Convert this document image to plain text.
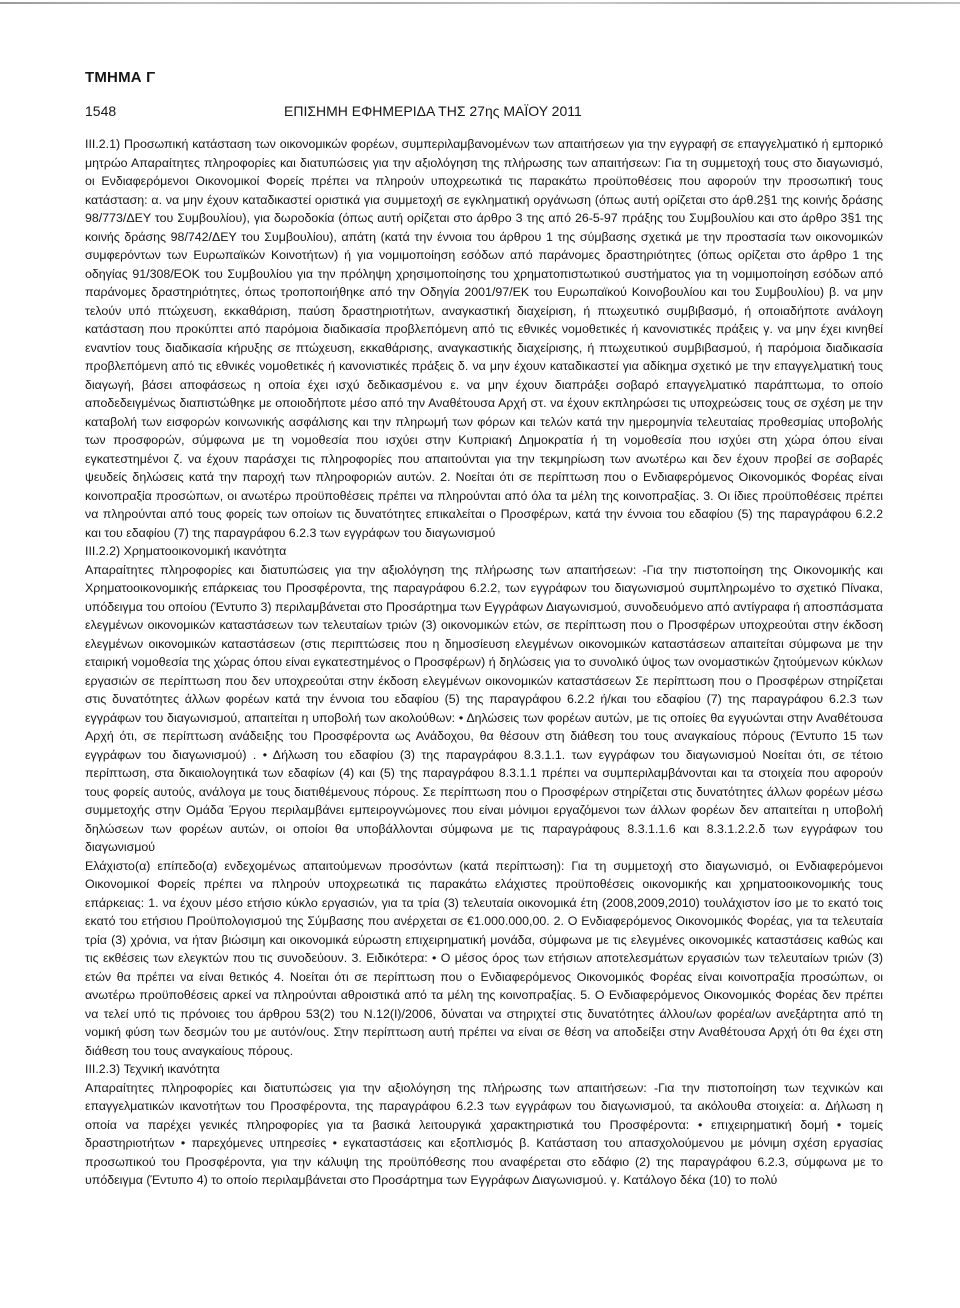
ΤΜΗΜΑ Γ
1548	ΕΠΙΣΗΜΗ ΕΦΗΜΕΡΙΔΑ ΤΗΣ 27ης ΜΑΪΟΥ 2011

III.2.1) Προσωπική κατάσταση των οικονομικών φορέων, συμπεριλαμβανομένων των απαιτήσεων για την εγγραφή σε επαγγελματικό ή εμπορικό μητρώο Απαραίτητες πληροφορίες και διατυπώσεις για την αξιολόγηση της πλήρωσης των απαιτήσεων: Για τη συμμετοχή τους στο διαγωνισμό, οι Ενδιαφερόμενοι Οικονομικοί Φορείς πρέπει να πληρούν υποχρεωτικά τις παρακάτω προϋποθέσεις που αφορούν την προσωπική τους κατάσταση: α. να μην έχουν καταδικαστεί οριστικά για συμμετοχή σε εγκληματική οργάνωση (όπως αυτή ορίζεται στο άρθ.2§1 της κοινής δράσης 98/773/ΔΕΥ του Συμβουλίου), για δωροδοκία (όπως αυτή ορίζεται στο άρθρο 3 της από 26-5-97 πράξης του Συμβουλίου και στο άρθρο 3§1 της κοινής δράσης 98/742/ΔΕΥ του Συμβουλίου), απάτη (κατά την έννοια του άρθρου 1 της σύμβασης σχετικά με την προστασία των οικονομικών συμφερόντων των Ευρωπαϊκών Κοινοτήτων) ή για νομιμοποίηση εσόδων από παράνομες δραστηριότητες (όπως ορίζεται στο άρθρο 1 της οδηγίας 91/308/ΕΟΚ του Συμβουλίου για την πρόληψη χρησιμοποίησης του χρηματοπιστωτικού συστήματος για τη νομιμοποίηση εσόδων από παράνομες δραστηριότητες, όπως τροποποιήθηκε από την Οδηγία 2001/97/ΕΚ του Ευρωπαϊκού Κοινοβουλίου και του Συμβουλίου) β. να μην τελούν υπό πτώχευση, εκκαθάριση, παύση δραστηριοτήτων, αναγκαστική διαχείριση, ή πτωχευτικό συμβιβασμό, ή οποιαδήποτε ανάλογη κατάσταση που προκύπτει από παρόμοια διαδικασία προβλεπόμενη από τις εθνικές νομοθετικές ή κανονιστικές πράξεις γ. να μην έχει κινηθεί εναντίον τους διαδικασία κήρυξης σε πτώχευση, εκκαθάρισης, αναγκαστικής διαχείρισης, ή πτωχευτικού συμβιβασμού, ή παρόμοια διαδικασία προβλεπόμενη από τις εθνικές νομοθετικές ή κανονιστικές πράξεις δ. να μην έχουν καταδικαστεί για αδίκημα σχετικό με την επαγγελματική τους διαγωγή, βάσει αποφάσεως η οποία έχει ισχύ δεδικασμένου ε. να μην έχουν διαπράξει σοβαρό επαγγελματικό παράπτωμα, το οποίο αποδεδειγμένως διαπιστώθηκε με οποιοδήποτε μέσο από την Αναθέτουσα Αρχή στ. να έχουν εκπληρώσει τις υποχρεώσεις τους σε σχέση με την καταβολή των εισφορών κοινωνικής ασφάλισης και την πληρωμή των φόρων και τελών κατά την ημερομηνία τελευταίας προθεσμίας υποβολής των προσφορών, σύμφωνα με τη νομοθεσία που ισχύει στην Κυπριακή Δημοκρατία ή τη νομοθεσία που ισχύει στη χώρα όπου είναι εγκατεστημένοι ζ. να έχουν παράσχει τις πληροφορίες που απαιτούνται για την τεκμηρίωση των ανωτέρω και δεν έχουν προβεί σε σοβαρές ψευδείς δηλώσεις κατά την παροχή των πληροφοριών αυτών. 2. Νοείται ότι σε περίπτωση που ο Ενδιαφερόμενος Οικονομικός Φορέας είναι κοινοπραξία προσώπων, οι ανωτέρω προϋποθέσεις πρέπει να πληρούνται από όλα τα μέλη της κοινοπραξίας. 3. Οι ίδιες προϋποθέσεις πρέπει να πληρούνται από τους φορείς των οποίων τις δυνατότητες επικαλείται ο Προσφέρων, κατά την έννοια του εδαφίου (5) της παραγράφου 6.2.2 και του εδαφίου (7) της παραγράφου 6.2.3 των εγγράφων του διαγωνισμού

III.2.2) Χρηματοοικονομική ικανότητα

Απαραίτητες πληροφορίες και διατυπώσεις για την αξιολόγηση της πλήρωσης των απαιτήσεων: -Για την πιστοποίηση της Οικονομικής και Χρηματοοικονομικής επάρκειας του Προσφέροντα, της παραγράφου 6.2.2, των εγγράφων του διαγωνισμού συμπληρωμένο το σχετικό Πίνακα, υπόδειγμα του οποίου (Έντυπο 3) περιλαμβάνεται στο Προσάρτημα των Εγγράφων Διαγωνισμού, συνοδευόμενο από αντίγραφα ή αποσπάσματα ελεγμένων οικονομικών καταστάσεων των τελευταίων τριών (3) οικονομικών ετών, σε περίπτωση που ο Προσφέρων υποχρεούται στην έκδοση ελεγμένων οικονομικών καταστάσεων (στις περιπτώσεις που η δημοσίευση ελεγμένων οικονομικών καταστάσεων απαιτείται σύμφωνα με την εταιρική νομοθεσία της χώρας όπου είναι εγκατεστημένος ο Προσφέρων) ή δηλώσεις για το συνολικό ύψος των ονομαστικών ζητούμενων κύκλων εργασιών σε περίπτωση που δεν υποχρεούται στην έκδοση ελεγμένων οικονομικών καταστάσεων Σε περίπτωση που ο Προσφέρων στηρίζεται στις δυνατότητες άλλων φορέων κατά την έννοια του εδαφίου (5) της παραγράφου 6.2.2 ή/και του εδαφίου (7) της παραγράφου 6.2.3 των εγγράφων του διαγωνισμού, απαιτείται η υποβολή των ακολούθων: • Δηλώσεις των φορέων αυτών, με τις οποίες θα εγγυώνται στην Αναθέτουσα Αρχή ότι, σε περίπτωση ανάδειξης του Προσφέροντα ως Ανάδοχου, θα θέσουν στη διάθεση του τους αναγκαίους πόρους (Έντυπο 15 των εγγράφων του διαγωνισμού) . • Δήλωση του εδαφίου (3) της παραγράφου 8.3.1.1. των εγγράφων του διαγωνισμού Νοείται ότι, σε τέτοιο περίπτωση, στα δικαιολογητικά των εδαφίων (4) και (5) της παραγράφου 8.3.1.1 πρέπει να συμπεριλαμβάνονται και τα στοιχεία που αφορούν τους φορείς αυτούς, ανάλογα με τους διατιθέμενους πόρους. Σε περίπτωση που ο Προσφέρων στηρίζεται στις δυνατότητες άλλων φορέων μέσω συμμετοχής στην Ομάδα Έργου περιλαμβάνει εμπειρογνώμονες που είναι μόνιμοι εργαζόμενοι των άλλων φορέων δεν απαιτείται η υποβολή δηλώσεων των φορέων αυτών, οι οποίοι θα υποβάλλονται σύμφωνα με τις παραγράφους 8.3.1.1.6 και 8.3.1.2.2.δ των εγγράφων του διαγωνισμού

Ελάχιστο(α) επίπεδο(α) ενδεχομένως απαιτούμενων προσόντων (κατά περίπτωση): Για τη συμμετοχή στο διαγωνισμό, οι Ενδιαφερόμενοι Οικονομικοί Φορείς πρέπει να πληρούν υποχρεωτικά τις παρακάτω ελάχιστες προϋποθέσεις οικονομικής και χρηματοοικονομικής τους επάρκειας: 1. να έχουν μέσο ετήσιο κύκλο εργασιών, για τα τρία (3) τελευταία οικονομικά έτη (2008,2009,2010) τουλάχιστον ίσο με το εκατό τοις εκατό του ετήσιου Προϋπολογισμού της Σύμβασης που ανέρχεται σε €1.000.000,00. 2. Ο Ενδιαφερόμενος Οικονομικός Φορέας, για τα τελευταία τρία (3) χρόνια, να ήταν βιώσιμη και οικονομικά εύρωστη επιχειρηματική μονάδα, σύμφωνα με τις ελεγμένες οικονομικές καταστάσεις καθώς και τις εκθέσεις των ελεγκτών που τις συνοδεύουν. 3. Ειδικότερα: • Ο μέσος όρος των ετήσιων αποτελεσμάτων εργασιών των τελευταίων τριών (3) ετών θα πρέπει να είναι θετικός 4. Νοείται ότι σε περίπτωση που ο Ενδιαφερόμενος Οικονομικός Φορέας είναι κοινοπραξία προσώπων, οι ανωτέρω προϋποθέσεις αρκεί να πληρούνται αθροιστικά από τα μέλη της κοινοπραξίας. 5. Ο Ενδιαφερόμενος Οικονομικός Φορέας δεν πρέπει να τελεί υπό τις πρόνοιες του άρθρου 53(2) του Ν.12(Ι)/2006, δύναται να στηριχτεί στις δυνατότητες άλλου/ων φορέα/ων ανεξάρτητα από τη νομική φύση των δεσμών του με αυτόν/ους. Στην περίπτωση αυτή πρέπει να είναι σε θέση να αποδείξει στην Αναθέτουσα Αρχή ότι θα έχει στη διάθεση του τους αναγκαίους πόρους.

III.2.3) Τεχνική ικανότητα

Απαραίτητες πληροφορίες και διατυπώσεις για την αξιολόγηση της πλήρωσης των απαιτήσεων: -Για την πιστοποίηση των τεχνικών και επαγγελματικών ικανοτήτων του Προσφέροντα, της παραγράφου 6.2.3 των εγγράφων του διαγωνισμού, τα ακόλουθα στοιχεία: α. Δήλωση η οποία να παρέχει γενικές πληροφορίες για τα βασικά λειτουργικά χαρακτηριστικά του Προσφέροντα: • επιχειρηματική δομή • τομείς δραστηριοτήτων • παρεχόμενες υπηρεσίες • εγκαταστάσεις και εξοπλισμός β. Κατάσταση του απασχολούμενου με μόνιμη σχέση εργασίας προσωπικού του Προσφέροντα, για την κάλυψη της προϋπόθεσης που αναφέρεται στο εδάφιο (2) της παραγράφου 6.2.3, σύμφωνα με το υπόδειγμα (Έντυπο 4) το οποίο περιλαμβάνεται στο Προσάρτημα των Εγγράφων Διαγωνισμού. γ. Κατάλογο δέκα (10) το πολύ
